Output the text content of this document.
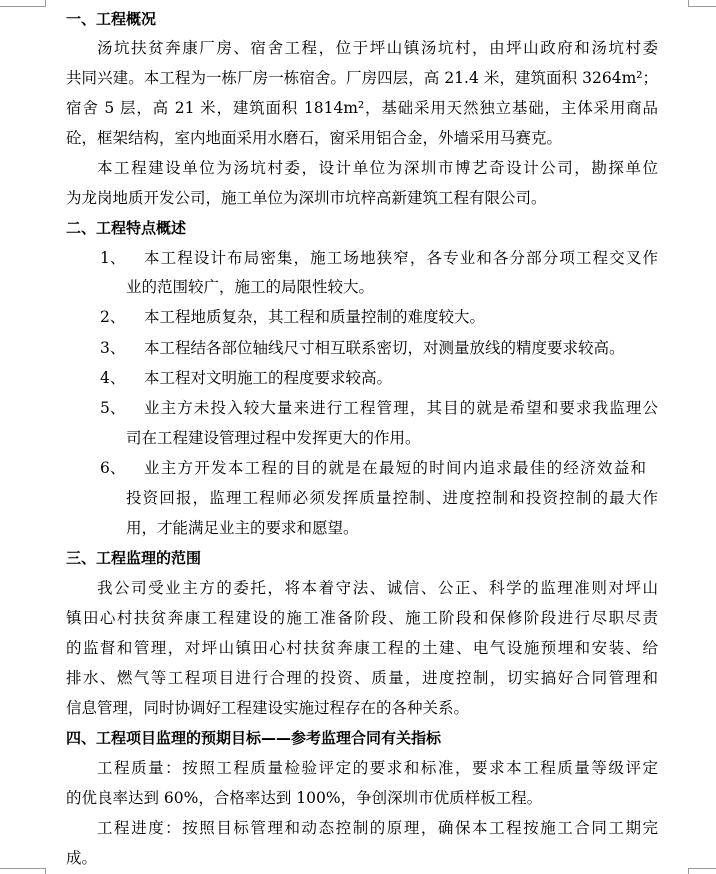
一、工程概况
汤坑扶贫奔康厂房、宿舍工程，位于坪山镇汤坑村，由坪山政府和汤坑村委
共同兴建。本工程为一栋厂房一栋宿舍。厂房四层，高 21.4 米，建筑面积 3264m²；
宿舍 5 层，高 21 米，建筑面积 1814m²，基础采用天然独立基础，主体采用商品
砼，框架结构，室内地面采用水磨石，窗采用铝合金，外墙采用马赛克。
本工程建设单位为汤坑村委，设计单位为深圳市博艺奇设计公司，勘探单位
为龙岗地质开发公司，施工单位为深圳市坑梓高新建筑工程有限公司。
二、工程特点概述
1、 本工程设计布局密集，施工场地狭窄，各专业和各分部分项工程交叉作
业的范围较广，施工的局限性较大。
2、 本工程地质复杂，其工程和质量控制的难度较大。
3、 本工程结各部位轴线尺寸相互联系密切，对测量放线的精度要求较高。
4、 本工程对文明施工的程度要求较高。
5、 业主方未投入较大量来进行工程管理，其目的就是希望和要求我监理公
司在工程建设管理过程中发挥更大的作用。
6、 业主方开发本工程的目的就是在最短的时间内追求最佳的经济效益和
投资回报，监理工程师必须发挥质量控制、进度控制和投资控制的最大作
用，才能满足业主的要求和愿望。
三、工程监理的范围
我公司受业主方的委托，将本着守法、诚信、公正、科学的监理准则对坪山
镇田心村扶贫奔康工程建设的施工准备阶段、施工阶段和保修阶段进行尽职尽责
的监督和管理，对坪山镇田心村扶贫奔康工程的土建、电气设施预埋和安装、给
排水、燃气等工程项目进行合理的投资、质量，进度控制，切实搞好合同管理和
信息管理，同时协调好工程建设实施过程存在的各种关系。
四、工程项目监理的预期目标——参考监理合同有关指标
工程质量：按照工程质量检验评定的要求和标准，要求本工程质量等级评定
的优良率达到 60%，合格率达到 100%，争创深圳市优质样板工程。
工程进度：按照目标管理和动态控制的原理，确保本工程按施工合同工期完
成。
